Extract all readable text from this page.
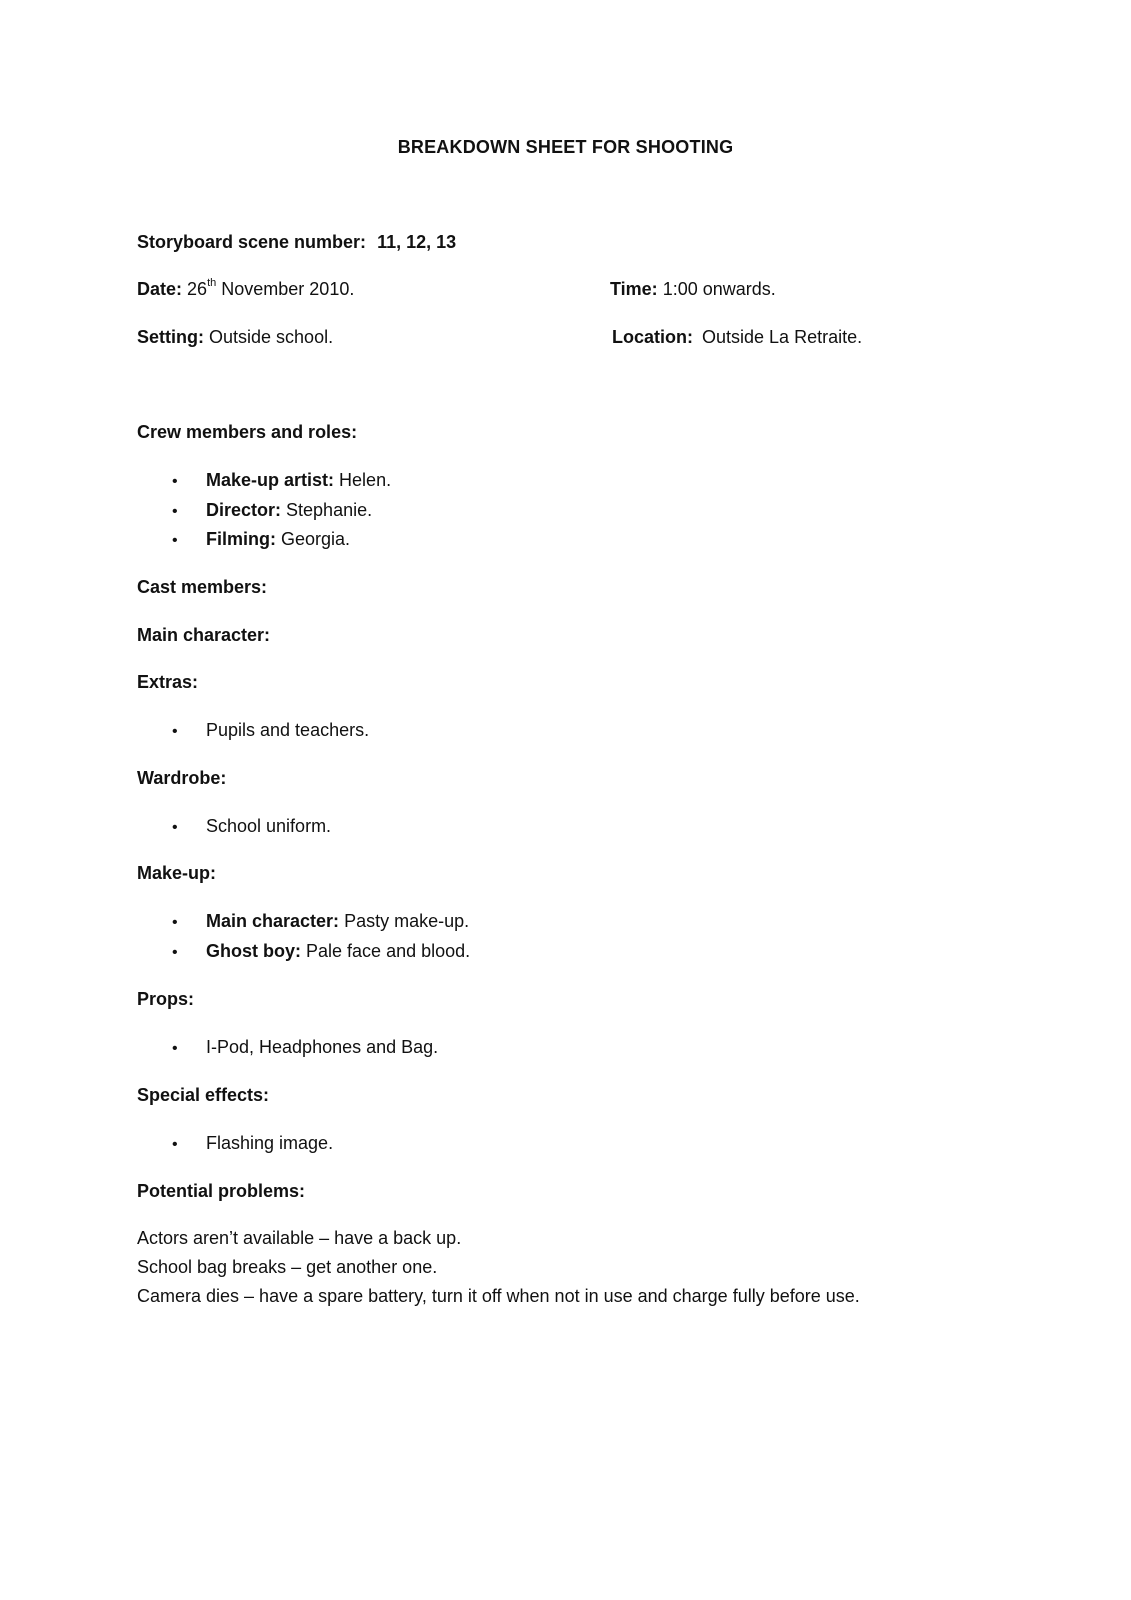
BREAKDOWN SHEET FOR SHOOTING
Storyboard scene number: 11, 12, 13
Date: 26th November 2010.	Time: 1:00 onwards.
Setting: Outside school.	Location: Outside La Retraite.
Crew members and roles:
• Make-up artist: Helen.
• Director: Stephanie.
• Filming: Georgia.
Cast members:
Main character:
Extras:
• Pupils and teachers.
Wardrobe:
• School uniform.
Make-up:
• Main character: Pasty make-up.
• Ghost boy: Pale face and blood.
Props:
• I-Pod, Headphones and Bag.
Special effects:
• Flashing image.
Potential problems:
Actors aren’t available – have a back up.
School bag breaks – get another one.
Camera dies – have a spare battery, turn it off when not in use and charge fully before use.
